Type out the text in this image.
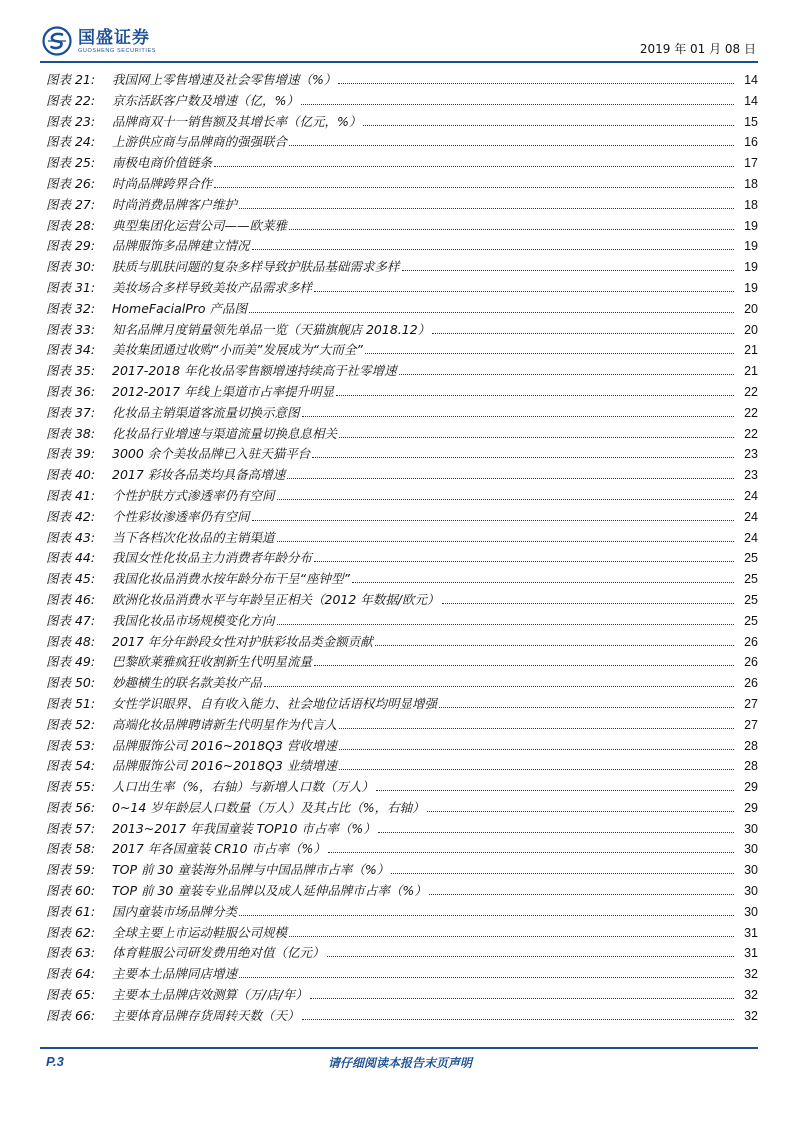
国盛证券
GUOSHENG SECURITIES	2019 年 01 月 08 日
图表 21:	我国网上零售增速及社会零售增速（%）	14
图表 22:	京东活跃客户数及增速（亿，%）	14
图表 23:	品牌商双十一销售额及其增长率（亿元，%）	15
图表 24:	上游供应商与品牌商的强强联合	16
图表 25:	南极电商价值链条	17
图表 26:	时尚品牌跨界合作	18
图表 27:	时尚消费品牌客户维护	18
图表 28:	典型集团化运营公司——欧莱雅	19
图表 29:	品牌服饰多品牌建立情况	19
图表 30:	肤质与肌肤问题的复杂多样导致护肤品基础需求多样	19
图表 31:	美妆场合多样导致美妆产品需求多样	19
图表 32:	HomeFacialPro 产品图	20
图表 33:	知名品牌月度销量领先单品一览（天猫旗舰店 2018.12）	20
图表 34:	美妆集团通过收购“小而美”发展成为“大而全”	21
图表 35:	2017-2018 年化妆品零售额增速持续高于社零增速	21
图表 36:	2012-2017 年线上渠道市占率提升明显	22
图表 37:	化妆品主销渠道客流量切换示意图	22
图表 38:	化妆品行业增速与渠道流量切换息息相关	22
图表 39:	3000 余个美妆品牌已入驻天猫平台	23
图表 40:	2017 彩妆各品类均具备高增速	23
图表 41:	个性护肤方式渗透率仍有空间	24
图表 42:	个性彩妆渗透率仍有空间	24
图表 43:	当下各档次化妆品的主销渠道	24
图表 44:	我国女性化妆品主力消费者年龄分布	25
图表 45:	我国化妆品消费水按年龄分布干呈“座钟型”	25
图表 46:	欧洲化妆品消费水平与年龄呈正相关（2012 年数据/欧元）	25
图表 47:	我国化妆品市场规模变化方向	25
图表 48:	2017 年分年龄段女性对护肤彩妆品类金额贡献	26
图表 49:	巴黎欧莱雅疯狂收割新生代明星流量	26
图表 50:	妙趣横生的联名款美妆产品	26
图表 51:	女性学识眼界、自有收入能力、社会地位话语权均明显增强	27
图表 52:	高端化妆品牌聘请新生代明星作为代言人	27
图表 53:	品牌服饰公司 2016~2018Q3 营收增速	28
图表 54:	品牌服饰公司 2016~2018Q3 业绩增速	28
图表 55:	人口出生率（%，右轴）与新增人口数（万人）	29
图表 56:	0~14 岁年龄层人口数量（万人）及其占比（%，右轴）	29
图表 57:	2013~2017 年我国童装 TOP10 市占率（%）	30
图表 58:	2017 年各国童装 CR10 市占率（%）	30
图表 59:	TOP 前 30 童装海外品牌与中国品牌市占率（%）	30
图表 60:	TOP 前 30 童装专业品牌以及成人延伸品牌市占率（%）	30
图表 61:	国内童装市场品牌分类	30
图表 62:	全球主要上市运动鞋服公司规模	31
图表 63:	体育鞋服公司研发费用绝对值（亿元）	31
图表 64:	主要本土品牌同店增速	32
图表 65:	主要本土品牌店效测算（万/店/年）	32
图表 66:	主要体育品牌存货周转天数（天）	32
P.3	请仔细阅读本报告末页声明
